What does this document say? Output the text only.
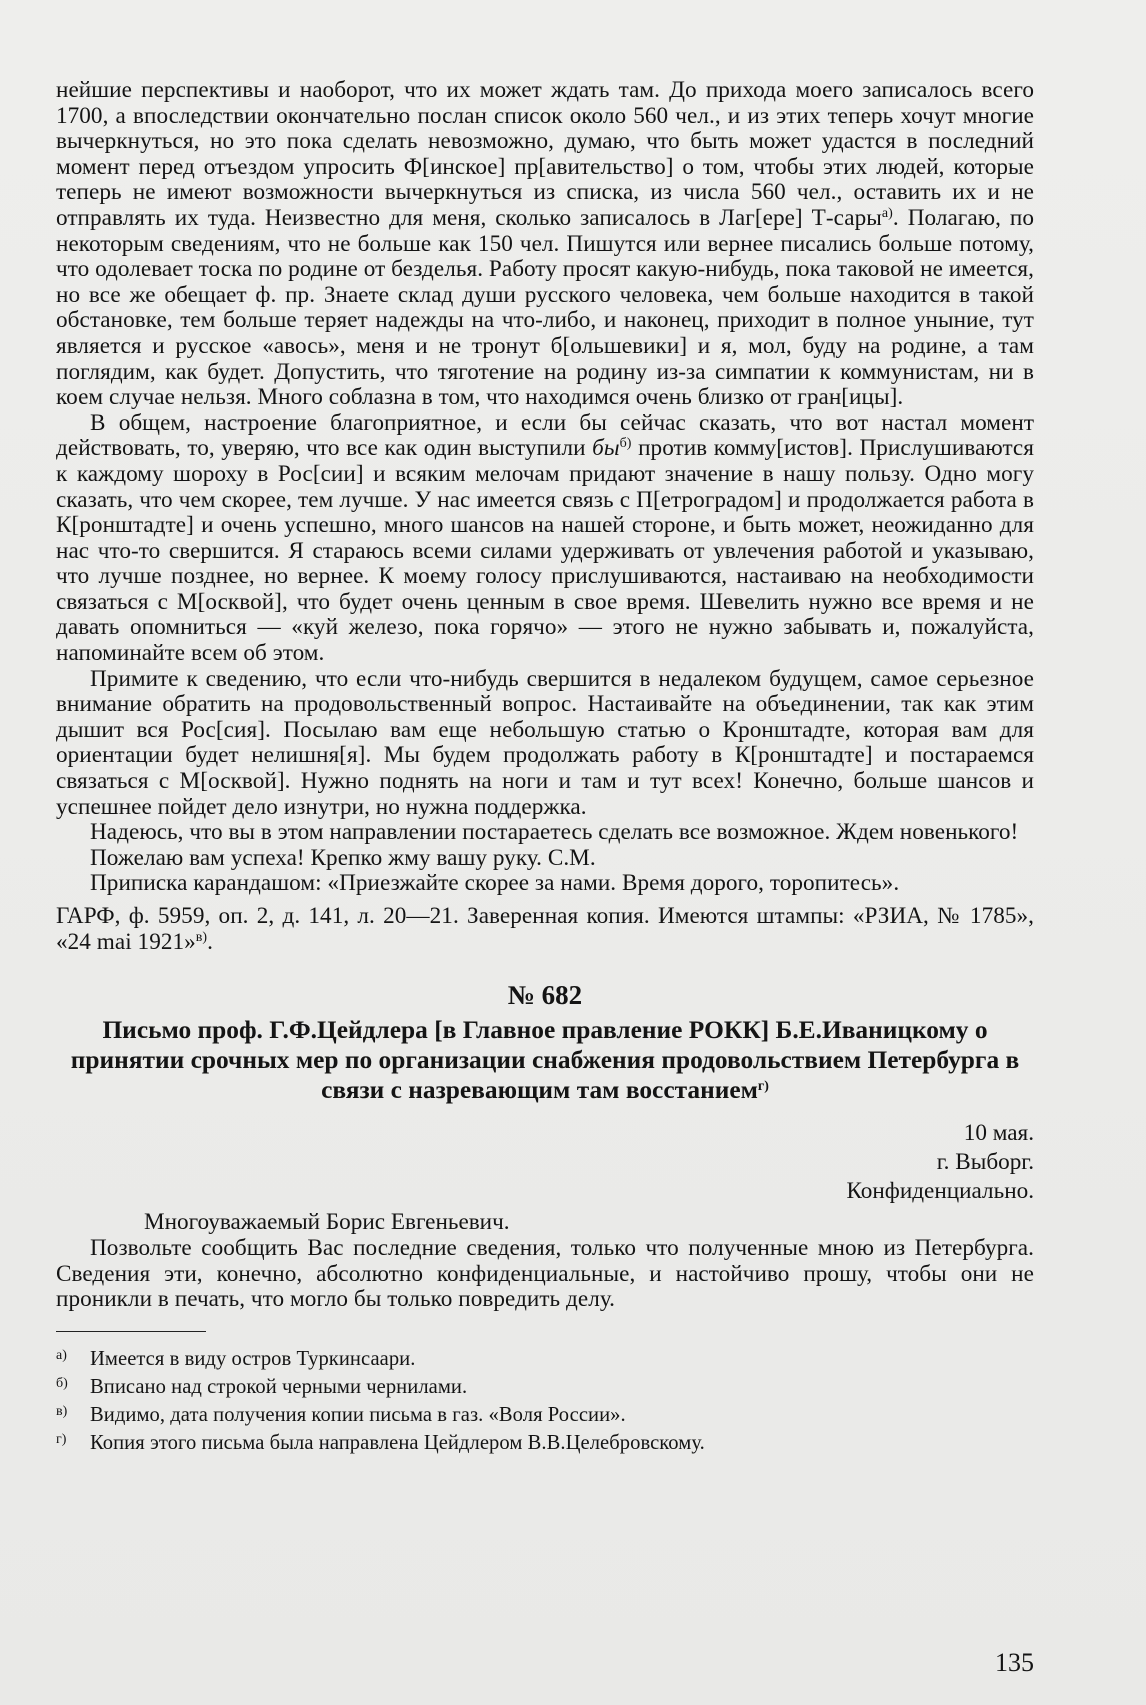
нейшие перспективы и наоборот, что их может ждать там. До прихода моего записалось всего 1700, а впоследствии окончательно послан список около 560 чел., и из этих теперь хочут многие вычеркнуться, но это пока сделать невозможно, думаю, что быть может удастся в последний момент перед отъездом упросить Ф[инское] пр[авительство] о том, чтобы этих людей, которые теперь не имеют возможности вычеркнуться из списка, из числа 560 чел., оставить их и не отправлять их туда. Неизвестно для меня, сколько записалось в Лаг[ере] Т-сары$^{а)}$. Полагаю, по некоторым сведениям, что не больше как 150 чел. Пишутся или вернее писались больше потому, что одолевает тоска по родине от безделья. Работу просят какую-нибудь, пока таковой не имеется, но все же обещает ф. пр. Знаете склад души русского человека, чем больше находится в такой обстановке, тем больше теряет надежды на что-либо, и наконец, приходит в полное уныние, тут является и русское «авось», меня и не тронут б[ольшевики] и я, мол, буду на родине, а там поглядим, как будет. Допустить, что тяготение на родину из-за симпатии к коммунистам, ни в коем случае нельзя. Много соблазна в том, что находимся очень близко от гран[ицы].

В общем, настроение благоприятное, и если бы сейчас сказать, что вот настал момент действовать, то, уверяю, что все как один выступили $бы^{б)}$ против комму[истов]. Прислушиваются к каждому шороху в Рос[сии] и всяким мелочам придают значение в нашу пользу. Одно могу сказать, что чем скорее, тем лучше. У нас имеется связь с П[етроградом] и продолжается работа в К[ронштадте] и очень успешно, много шансов на нашей стороне, и быть может, неожиданно для нас что-то свершится. Я стараюсь всеми силами удерживать от увлечения работой и указываю, что лучше позднее, но вернее. К моему голосу прислушиваются, настаиваю на необходимости связаться с М[осквой], что будет очень ценным в свое время. Шевелить нужно все время и не давать опомниться — «куй железо, пока горячо» — этого не нужно забывать и, пожалуйста, напоминайте всем об этом.

Примите к сведению, что если что-нибудь свершится в недалеком будущем, самое серьезное внимание обратить на продовольственный вопрос. Настаивайте на объединении, так как этим дышит вся Рос[сия]. Посылаю вам еще небольшую статью о Кронштадте, которая вам для ориентации будет нелишня[я]. Мы будем продолжать работу в К[ронштадте] и постараемся связаться с М[осквой]. Нужно поднять на ноги и там и тут всех! Конечно, больше шансов и успешнее пойдет дело изнутри, но нужна поддержка.

Надеюсь, что вы в этом направлении постараетесь сделать все возможное. Ждем новенького!

Пожелаю вам успеха! Крепко жму вашу руку. С.М.

Приписка карандашом: «Приезжайте скорее за нами. Время дорого, торопитесь».

ГАРФ, ф. 5959, оп. 2, д. 141, л. 20—21. Заверенная копия. Имеются штампы: «РЗИА, № 1785», «24 mai 1921»$^{в)}$.

№ 682
Письмо проф. Г.Ф.Цейдлера [в Главное правление РОКК] Б.Е.Иваницкому о принятии срочных мер по организации снабжения продовольствием Петербурга в связи с назревающим там восстанием$^{г)}$
10 мая.
г. Выборг.
Конфиденциально.
Многоуважаемый Борис Евгеньевич.

Позвольте сообщить Вас последние сведения, только что полученные мною из Петербурга. Сведения эти, конечно, абсолютно конфиденциальные, и настойчиво прошу, чтобы они не проникли в печать, что могло бы только повредить делу.

$^{а)}$ Имеется в виду остров Туркинсаари.

$^{б)}$ Вписано над строкой черными чернилами.

$^{в)}$ Видимо, дата получения копии письма в газ. «Воля России».

$^{г)}$ Копия этого письма была направлена Цейдлером В.В.Целебровскому.

135
